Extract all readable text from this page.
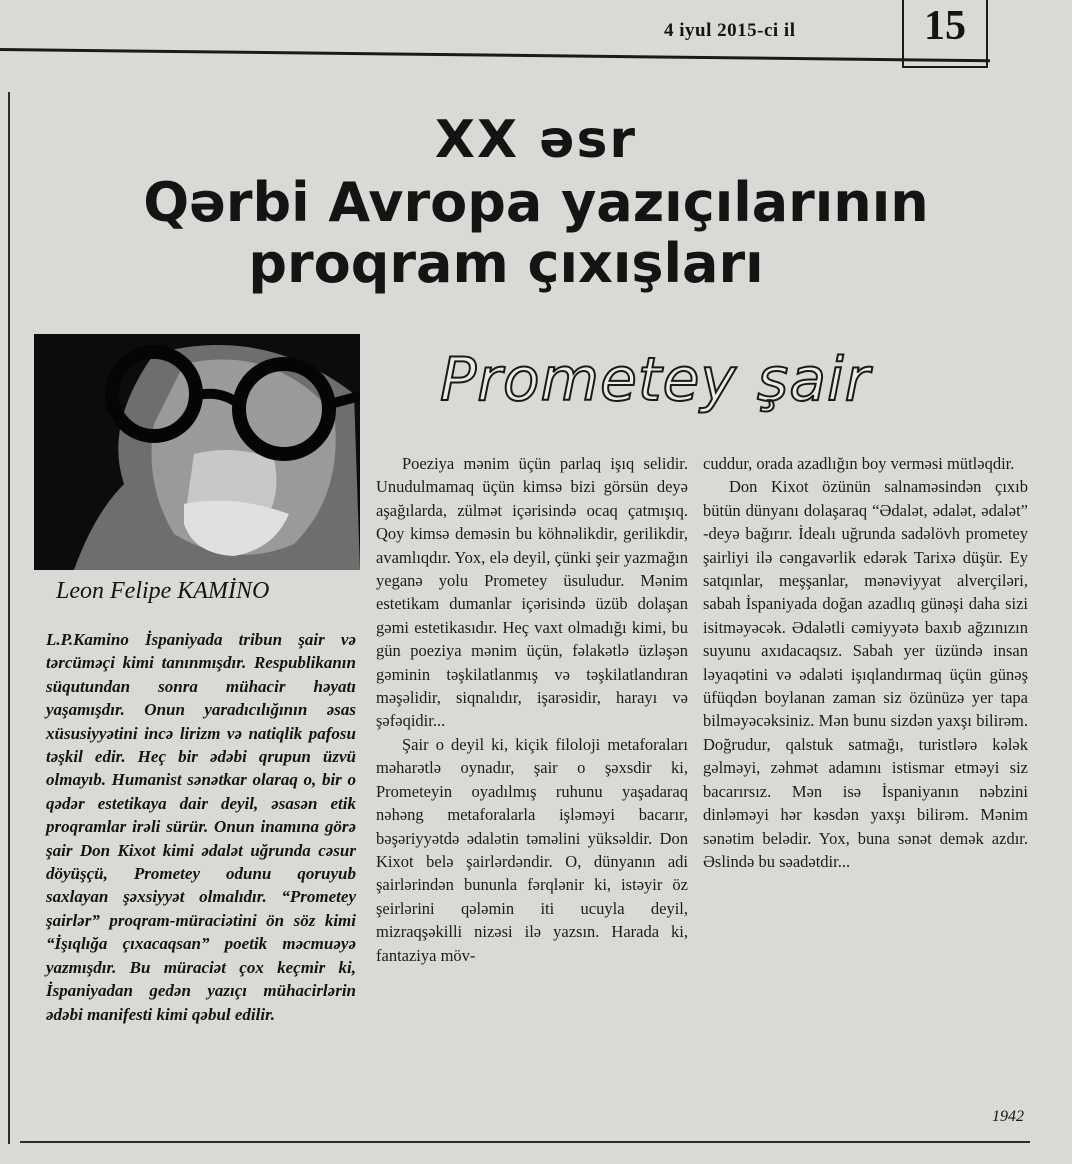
4 iyul 2015-ci il	15
XX əsr
Qərbi Avropa yazıçılarının
proqram çıxışları
Leon Felipe KAMİNO
L.P.Kamino İspaniyada tribun şair və tərcüməçi kimi tanınmışdır. Respublikanın süqutundan sonra mühacir həyatı yaşamışdır. Onun yaradıcılığının əsas xüsusiyyətini incə lirizm və natiqlik pafosu təşkil edir. Heç bir ədəbi qrupun üzvü olmayıb. Humanist sənətkar olaraq o, bir o qədər estetikaya dair deyil, əsasən etik proqramlar irəli sürür. Onun inamına görə şair Don Kixot kimi ədalət uğrunda cəsur döyüşçü, Prometey odunu qoruyub saxlayan şəxsiyyət olmalıdır. “Prometey şairlər” proqram-müraciətini ön söz kimi “İşıqlığa çıxacaqsan” poetik məcmuəyə yazmışdır. Bu müraciət çox keçmir ki, İspaniyadan gedən yazıçı mühacirlərin ədəbi manifesti kimi qəbul edilir.
Prometey şair

Poeziya mənim üçün parlaq işıq selidir. Unudulmamaq üçün kimsə bizi görsün deyə aşağılarda, zülmət içərisində ocaq çatmışıq. Qoy kimsə deməsin bu köhnəlikdir, gerilikdir, avamlıqdır. Yox, elə deyil, çünki şeir yazmağın yeganə yolu Prometey üsuludur. Mənim estetikam dumanlar içərisində üzüb dolaşan gəmi estetikasıdır. Heç vaxt olmadığı kimi, bu gün poeziya mənim üçün, fəlakətlə üzləşən gəminin təşkilatlanmış və təşkilatlandıran məşəlidir, siqnalıdır, işarəsidir, harayı və şəfəqidir...

Şair o deyil ki, kiçik filoloji metaforaları məharətlə oynadır, şair o şəxsdir ki, Prometeyin oyadılmış ruhunu yaşadaraq nəhəng metaforalarla işləməyi bacarır, bəşəriyyətdə ədalətin təməlini yüksəldir. Don Kixot belə şairlərdəndir. O, dünyanın adi şairlərindən bununla fərqlənir ki, istəyir öz şeirlərini qələmin iti ucuyla deyil, mizraqşəkilli nizəsi ilə yazsın. Harada ki, fantaziya möv-

cuddur, orada azadlığın boy verməsi mütləqdir.

Don Kixot özünün salnaməsindən çıxıb bütün dünyanı dolaşaraq “Ədalət, ədalət, ədalət” -deyə bağırır. İdealı uğrunda sadəlövh prometey şairliyi ilə cəngavərlik edərək Tarixə düşür. Ey satqınlar, meşşanlar, mənəviyyat alverçiləri, sabah İspaniyada doğan azadlıq günəşi daha sizi isitməyəcək. Ədalətli cəmiyyətə baxıb ağzınızın suyunu axıdacaqsız. Sabah yer üzündə insan ləyaqətini və ədaləti işıqlandırmaq üçün günəş üfüqdən boylanan zaman siz özünüzə yer tapa bilməyəcəksiniz. Mən bunu sizdən yaxşı bilirəm. Doğrudur, qalstuk satmağı, turistlərə kələk gəlməyi, zəhmət adamını istismar etməyi siz bacarırsız. Mən isə İspaniyanın nəbzini dinləməyi hər kəsdən yaxşı bilirəm. Mənim sənətim belədir. Yox, buna sənət demək azdır. Əslində bu səadətdir...

1942
